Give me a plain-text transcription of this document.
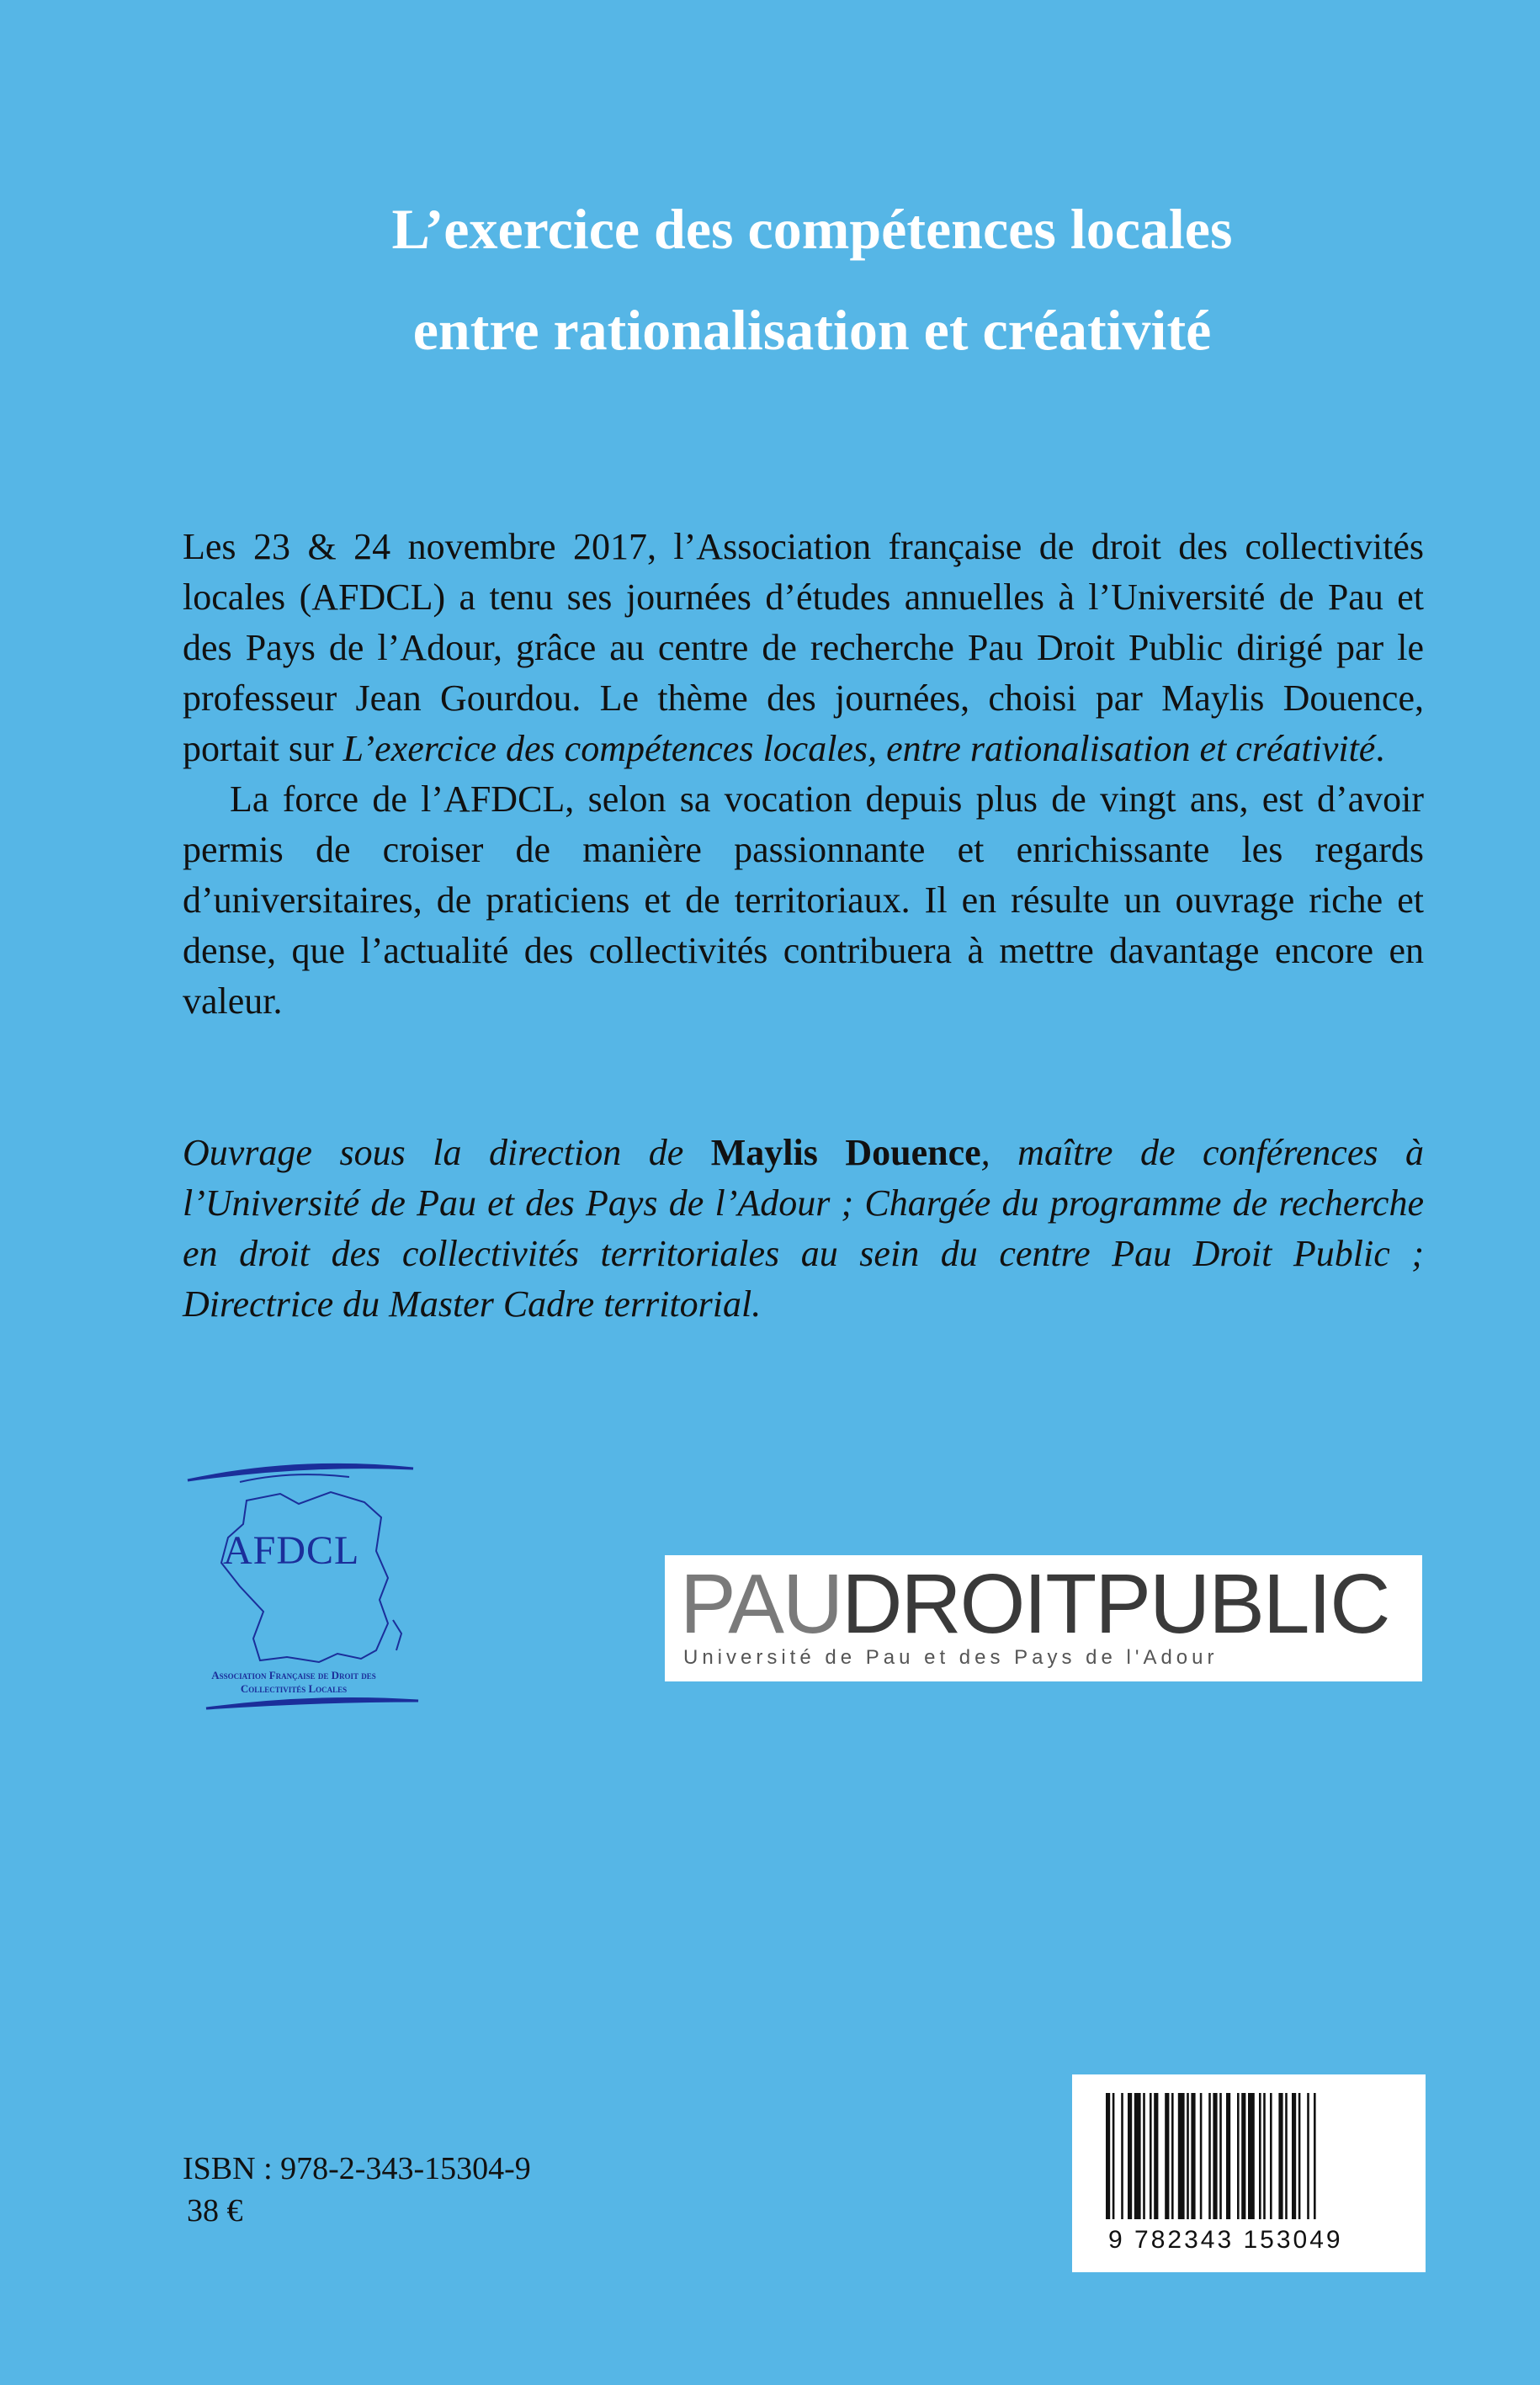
L’exercice des compétences locales
entre rationalisation et créativité

Les 23 & 24 novembre 2017, l’Association française de droit des collectivités locales (AFDCL) a tenu ses journées d’études annuelles à l’Université de Pau et des Pays de l’Adour, grâce au centre de recherche Pau Droit Public dirigé par le professeur Jean Gourdou. Le thème des journées, choisi par Maylis Douence, portait sur L’exercice des compétences locales, entre rationalisation et créativité.

La force de l’AFDCL, selon sa vocation depuis plus de vingt ans, est d’avoir permis de croiser de manière passionnante et enrichissante les regards d’universitaires, de praticiens et de territoriaux. Il en résulte un ouvrage riche et dense, que l’actualité des collectivités contribuera à mettre davantage encore en valeur.

Ouvrage sous la direction de Maylis Douence, maître de conférences à l’Université de Pau et des Pays de l’Adour ; Chargée du programme de recherche en droit des collectivités territoriales au sein du centre Pau Droit Public ; Directrice du Master Cadre territorial.

AFDCL
Association Française de Droit des Collectivités Locales
PAUDROITPUBLIC
Université de Pau et des Pays de l'Adour
ISBN : 978-2-343-15304-9
38 €
9 782343 153049
